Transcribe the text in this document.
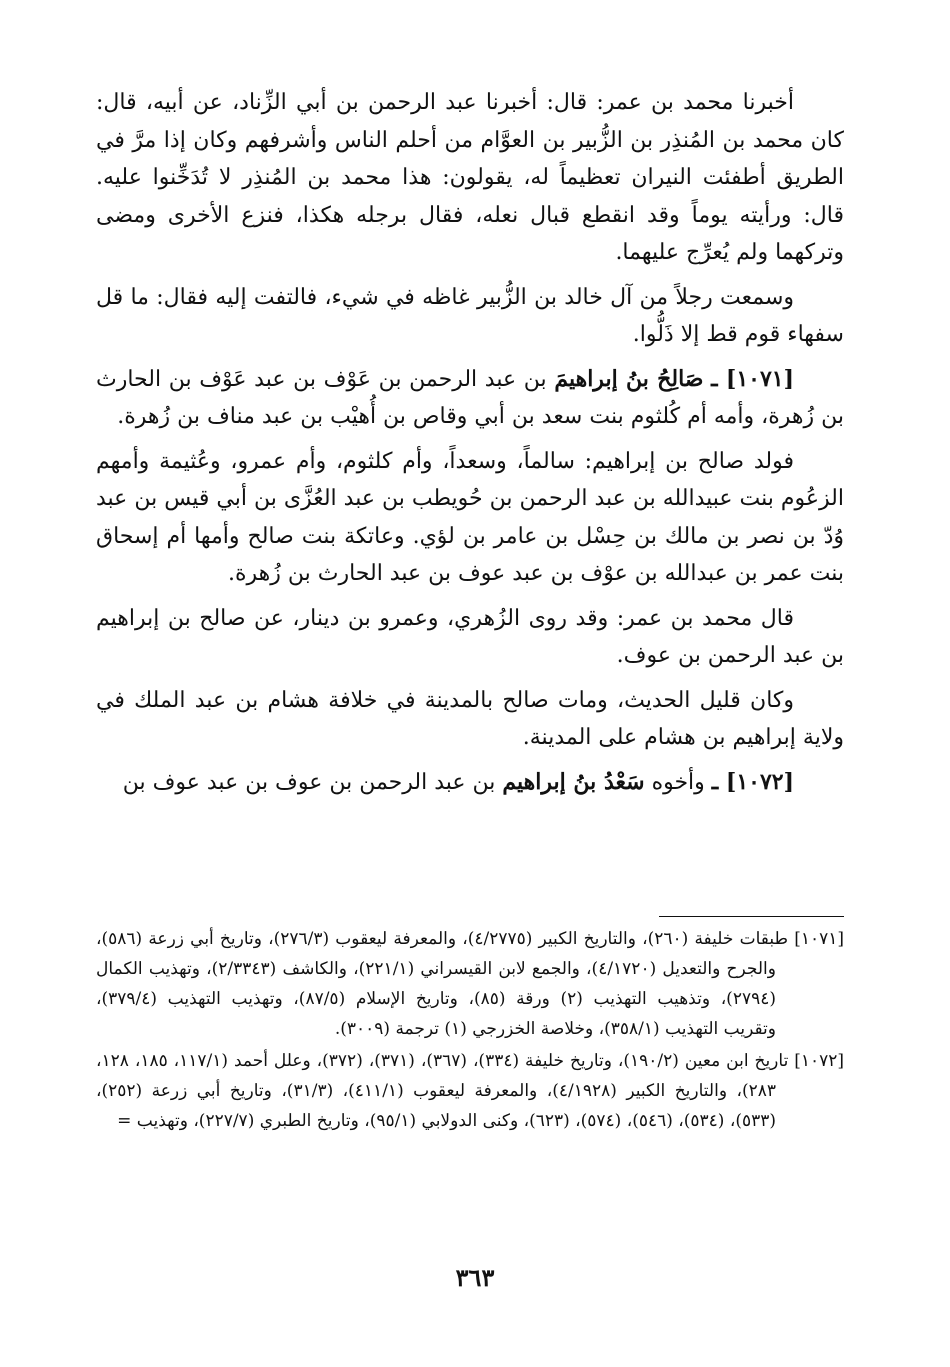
أخبرنا محمد بن عمر: قال: أخبرنا عبد الرحمن بن أبي الزِّناد، عن أبيه، قال: كان محمد بن المُنذِر بن الزُّبير بن العوَّام من أحلم الناس وأشرفهم وكان إذا مرَّ في الطريق أطفئت النيران تعظيماً له، يقولون: هذا محمد بن المُنذِر لا تُدَخِّنوا عليه. قال: ورأيته يوماً وقد انقطع قبال نعله، فقال برجله هكذا، فنزع الأخرى ومضى وتركهما ولم يُعرِّج عليهما.

وسمعت رجلاً من آل خالد بن الزُّبير غاظه في شيء، فالتفت إليه فقال: ما قل سفهاء قوم قط إلا ذَلُّوا.

[١٠٧١] ـ صَالِحُ بنُ إبراهيمَ بن عبد الرحمن بن عَوْف بن عبد عَوْف بن الحارث بن زُهرة، وأمه أم كُلثوم بنت سعد بن أبي وقاص بن أُهيْب بن عبد مناف بن زُهرة.

فولد صالح بن إبراهيم: سالماً، وسعداً، وأم كلثوم، وأم عمرو، وعُثيمة وأمهم الزعُوم بنت عبيدالله بن عبد الرحمن بن حُويطب بن عبد العُزَّى بن أبي قيس بن عبد وُدّ بن نصر بن مالك بن حِسْل بن عامر بن لؤي. وعاتكة بنت صالح وأمها أم إسحاق بنت عمر بن عبدالله بن عوْف بن عبد عوف بن عبد الحارث بن زُهرة.

قال محمد بن عمر: وقد روى الزُهري، وعمرو بن دينار، عن صالح بن إبراهيم بن عبد الرحمن بن عوف.

وكان قليل الحديث، ومات صالح بالمدينة في خلافة هشام بن عبد الملك في ولاية إبراهيم بن هشام على المدينة.

[١٠٧٢] ـ وأخوه سَعْدُ بنُ إبراهيم بن عبد الرحمن بن عوف بن عبد عوف بن

[١٠٧١] طبقات خليفة (٢٦٠)، والتاريخ الكبير (٤/٢٧٧٥)، والمعرفة ليعقوب (٢٧٦/٣)، وتاريخ أبي زرعة (٥٨٦)، والجرح والتعديل (٤/١٧٢٠)، والجمع لابن القيسراني (٢٢١/١)، والكاشف (٢/٣٣٤٣)، وتهذيب الكمال (٢٧٩٤)، وتذهيب التهذيب (٢) ورقة (٨٥)، وتاريخ الإسلام (٨٧/٥)، وتهذيب التهذيب (٣٧٩/٤)، وتقريب التهذيب (٣٥٨/١)، وخلاصة الخزرجي (١) ترجمة (٣٠٠٩).

[١٠٧٢] تاريخ ابن معين (١٩٠/٢)، وتاريخ خليفة (٣٣٤)، (٣٦٧)، (٣٧١)، (٣٧٢)، وعلل أحمد (١١٧/١، ١٨٥، ١٢٨، ٢٨٣)، والتاريخ الكبير (٤/١٩٢٨)، والمعرفة ليعقوب (٤١١/١)، (٣١/٣)، وتاريخ أبي زرعة (٢٥٢)، (٥٣٣)، (٥٣٤)، (٥٤٦)، (٥٧٤)، (٦٢٣)، وكنى الدولابي (٩٥/١)، وتاريخ الطبري (٢٢٧/٧)، وتهذيب =

٣٦٣
